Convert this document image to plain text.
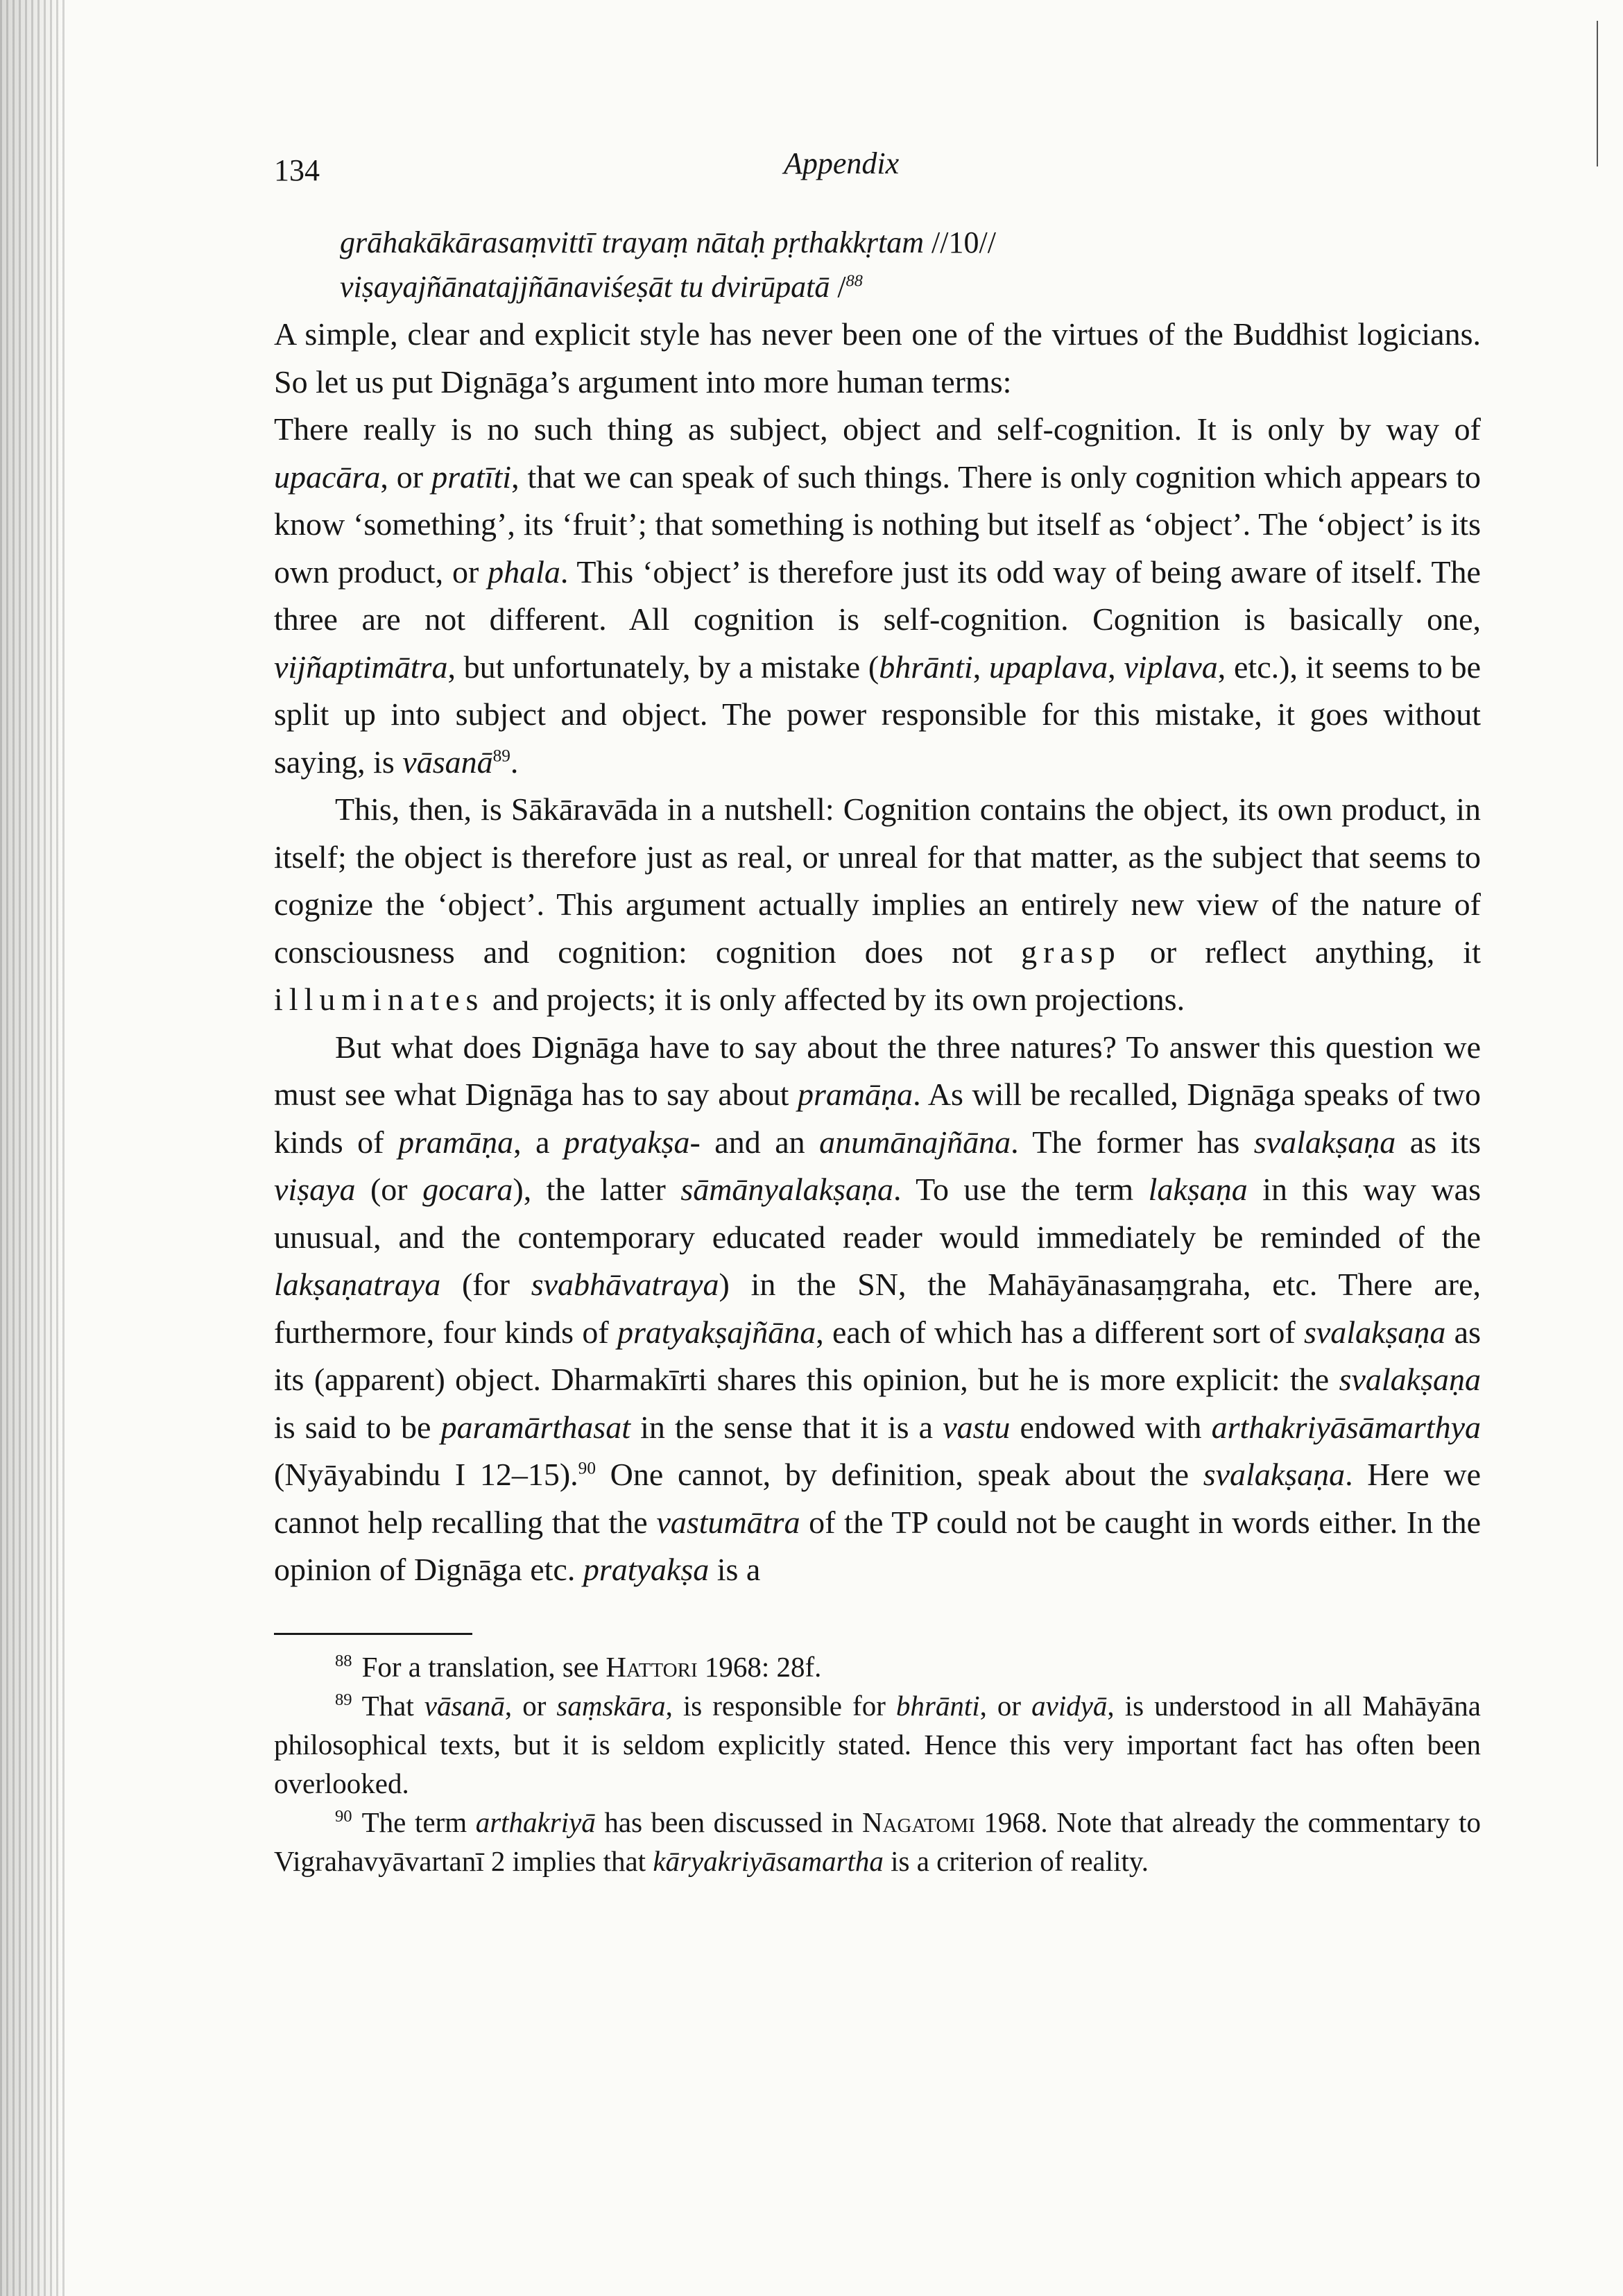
134	Appendix
grāhakākārasaṃvittī trayaṃ nātaḥ pṛthakkṛtam //10//
viṣayajñānatajjñānaviśeṣāt tu dvirūpatā /$^{88}$

A simple, clear and explicit style has never been one of the virtues of the Buddhist logicians. So let us put Dignāga’s argument into more human terms:

There really is no such thing as subject, object and self-cognition. It is only by way of upacāra, or pratīti, that we can speak of such things. There is only cognition which appears to know ‘something’, its ‘fruit’; that something is nothing but itself as ‘object’. The ‘object’ is its own product, or phala. This ‘object’ is therefore just its odd way of being aware of itself. The three are not different. All cognition is self-cognition. Cognition is basically one, vijñaptimātra, but unfortunately, by a mistake (bhrānti, upaplava, viplava, etc.), it seems to be split up into subject and object. The power responsible for this mistake, it goes without saying, is vāsanā$^{89}$.

This, then, is Sākāravāda in a nutshell: Cognition contains the object, its own product, in itself; the object is therefore just as real, or unreal for that matter, as the subject that seems to cognize the ‘object’. This argument actually implies an entirely new view of the nature of consciousness and cognition: cognition does not grasp or reflect anything, it illuminates and projects; it is only affected by its own projections.

But what does Dignāga have to say about the three natures? To answer this question we must see what Dignāga has to say about pramāṇa. As will be recalled, Dignāga speaks of two kinds of pramāṇa, a pratyakṣa- and an anumānajñāna. The former has svalakṣaṇa as its viṣaya (or gocara), the latter sāmānyalakṣaṇa. To use the term lakṣaṇa in this way was unusual, and the contemporary educated reader would immediately be reminded of the lakṣaṇatraya (for svabhāvatraya) in the SN, the Mahāyānasaṃgraha, etc. There are, furthermore, four kinds of pratyakṣajñāna, each of which has a different sort of svalakṣaṇa as its (apparent) object. Dharmakīrti shares this opinion, but he is more explicit: the svalakṣaṇa is said to be paramārthasat in the sense that it is a vastu endowed with arthakriyāsāmarthya (Nyāyabindu I 12–15).$^{90}$ One cannot, by definition, speak about the svalakṣaṇa. Here we cannot help recalling that the vastumātra of the TP could not be caught in words either. In the opinion of Dignāga etc. pratyakṣa is a

$^{88}$ For a translation, see Hattori 1968: 28f.

$^{89}$ That vāsanā, or saṃskāra, is responsible for bhrānti, or avidyā, is understood in all Mahāyāna philosophical texts, but it is seldom explicitly stated. Hence this very important fact has often been overlooked.

$^{90}$ The term arthakriyā has been discussed in Nagatomi 1968. Note that already the commentary to Vigrahavyāvartanī 2 implies that kāryakriyāsamartha is a criterion of reality.
